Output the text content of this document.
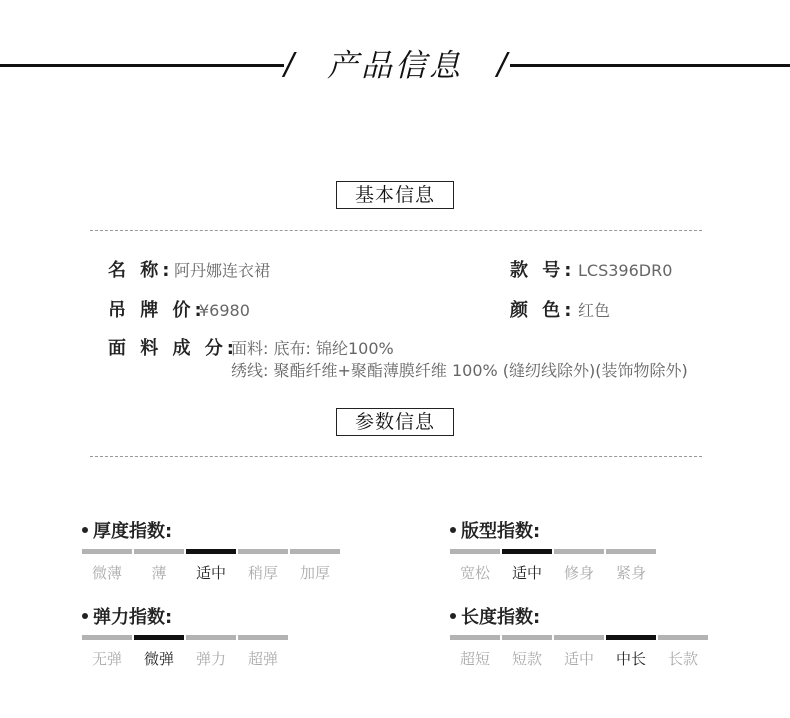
/	产品信息	/
基本信息
名 称: 阿丹娜连衣裙	款 号: LCS396DR0
吊 牌 价:
¥6980	颜 色: 红色
面 料 成 分:
面料: 底布: 锦纶100%
绣线: 聚酯纤维+聚酯薄膜纤维 100% (缝纫线除外)(装饰物除外)
参数信息
厚度指数:
微薄 薄 适中 稍厚 加厚
版型指数:
宽松 适中 修身 紧身
弹力指数:
无弹 微弹 弹力 超弹
长度指数:
超短 短款 适中 中长 长款
